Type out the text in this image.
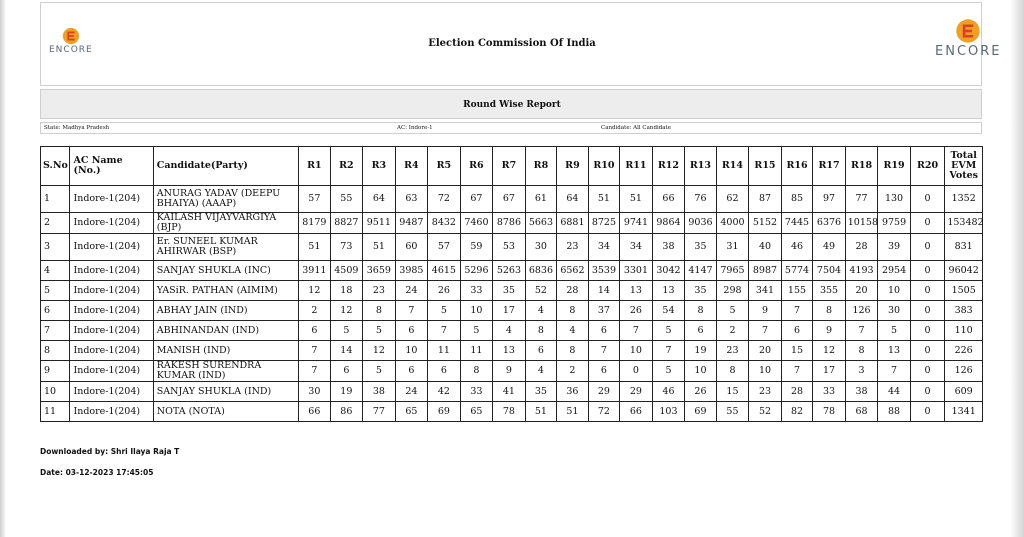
ENCORE
Election Commission Of India
ENCORE
Round Wise Report
State: Madhya Pradesh	AC: Indore-1	Candidate: All Candidate
S.No	AC Name (No.)	Candidate(Party)	R1	R2	R3	R4	R5	R6	R7	R8	R9	R10	R11	R12	R13	R14	R15	R16	R17	R18	R19	R20	Total EVM Votes
1	Indore-1(204)	ANURAG YADAV (DEEPU BHAIYA) (AAAP)	57	55	64	63	72	67	67	61	64	51	51	66	76	62	87	85	97	77	130	0	1352
2	Indore-1(204)	KAILASH VIJAYVARGIYA (BJP)	8179	8827	9511	9487	8432	7460	8786	5663	6881	8725	9741	9864	9036	4000	5152	7445	6376	10158	9759	0	153482
3	Indore-1(204)	Er. SUNEEL KUMAR AHIRWAR (BSP)	51	73	51	60	57	59	53	30	23	34	34	38	35	31	40	46	49	28	39	0	831
4	Indore-1(204)	SANJAY SHUKLA (INC)	3911	4509	3659	3985	4615	5296	5263	6836	6562	3539	3301	3042	4147	7965	8987	5774	7504	4193	2954	0	96042
5	Indore-1(204)	YASiR. PATHAN (AIMIM)	12	18	23	24	26	33	35	52	28	14	13	13	35	298	341	155	355	20	10	0	1505
6	Indore-1(204)	ABHAY JAIN (IND)	2	12	8	7	5	10	17	4	8	37	26	54	8	5	9	7	8	126	30	0	383
7	Indore-1(204)	ABHINANDAN (IND)	6	5	5	6	7	5	4	8	4	6	7	5	6	2	7	6	9	7	5	0	110
8	Indore-1(204)	MANISH (IND)	7	14	12	10	11	11	13	6	8	7	10	7	19	23	20	15	12	8	13	0	226
9	Indore-1(204)	RAKESH SURENDRA KUMAR (IND)	7	6	5	6	6	8	9	4	2	6	0	5	10	8	10	7	17	3	7	0	126
10	Indore-1(204)	SANJAY SHUKLA (IND)	30	19	38	24	42	33	41	35	36	29	29	46	26	15	23	28	33	38	44	0	609
11	Indore-1(204)	NOTA (NOTA)	66	86	77	65	69	65	78	51	51	72	66	103	69	55	52	82	78	68	88	0	1341
Downloaded by: Shri Ilaya Raja T
Date: 03-12-2023 17:45:05
